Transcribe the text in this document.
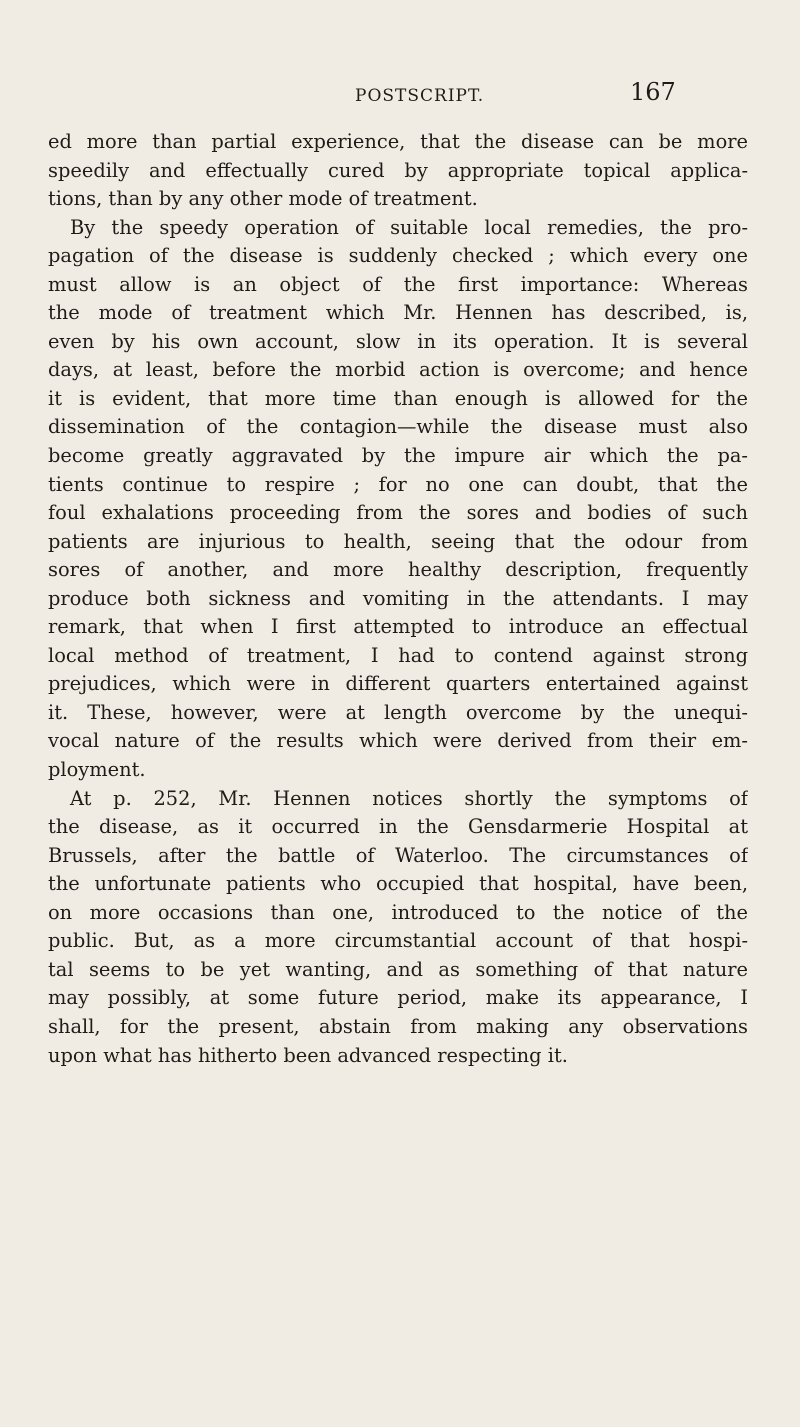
POSTSCRIPT.	167
ed more than partial experience, that the disease can be more
speedily and effectually cured by appropriate topical applica-
tions, than by any other mode of treatment.
By the speedy operation of suitable local remedies, the pro-
pagation of the disease is suddenly checked ; which every one
must allow is an object of the first importance: Whereas
the mode of treatment which Mr. Hennen has described, is,
even by his own account, slow in its operation. It is several
days, at least, before the morbid action is overcome; and hence
it is evident, that more time than enough is allowed for the
dissemination of the contagion—while the disease must also
become greatly aggravated by the impure air which the pa-
tients continue to respire ; for no one can doubt, that the
foul exhalations proceeding from the sores and bodies of such
patients are injurious to health, seeing that the odour from
sores of another, and more healthy description, frequently
produce both sickness and vomiting in the attendants. I may
remark, that when I first attempted to introduce an effectual
local method of treatment, I had to contend against strong
prejudices, which were in different quarters entertained against
it. These, however, were at length overcome by the unequi-
vocal nature of the results which were derived from their em-
ployment.
At p. 252, Mr. Hennen notices shortly the symptoms of
the disease, as it occurred in the Gensdarmerie Hospital at
Brussels, after the battle of Waterloo. The circumstances of
the unfortunate patients who occupied that hospital, have been,
on more occasions than one, introduced to the notice of the
public. But, as a more circumstantial account of that hospi-
tal seems to be yet wanting, and as something of that nature
may possibly, at some future period, make its appearance, I
shall, for the present, abstain from making any observations
upon what has hitherto been advanced respecting it.
